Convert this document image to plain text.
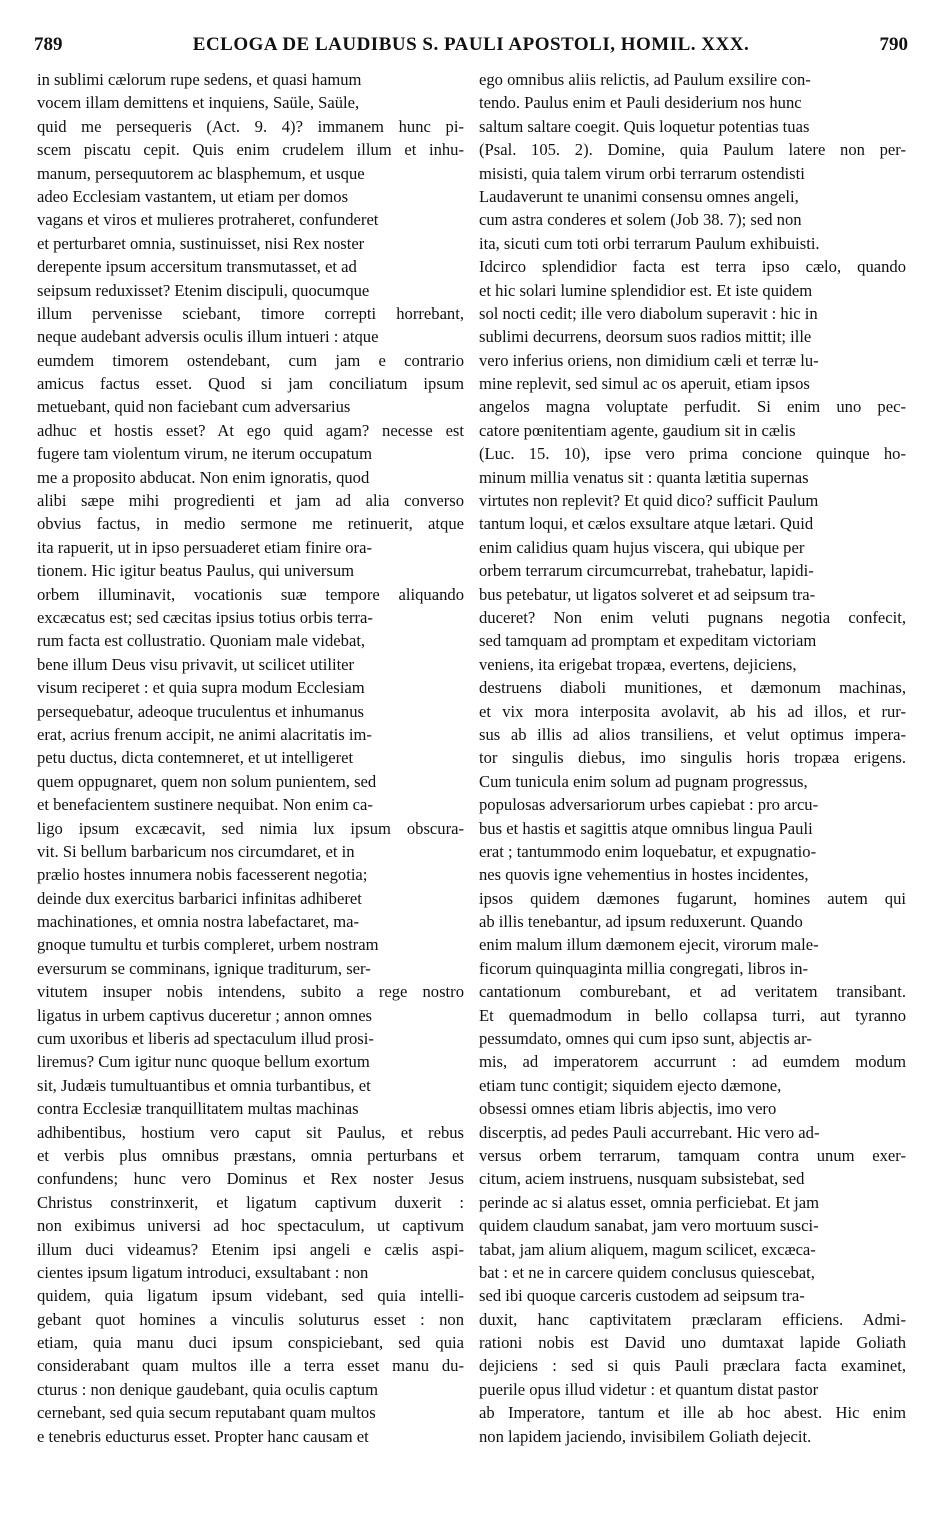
789	ECLOGA DE LAUDIBUS S. PAULI APOSTOLI, HOMIL. XXX.	790
in sublimi cælorum rupe sedens, et quasi hamum
vocem illam demittens et inquiens, Saüle, Saüle,
quid me persequeris (Act. 9. 4)? immanem hunc pi-
scem piscatu cepit. Quis enim crudelem illum et inhu-
manum, persequutorem ac blasphemum, et usque
adeo Ecclesiam vastantem, ut etiam per domos
vagans et viros et mulieres protraheret, confunderet
et perturbaret omnia, sustinuisset, nisi Rex noster
derepente ipsum accersitum transmutasset, et ad
seipsum reduxisset? Etenim discipuli, quocumque
illum pervenisse sciebant, timore correpti horrebant,
neque audebant adversis oculis illum intueri : atque
eumdem timorem ostendebant, cum jam e contrario
amicus factus esset. Quod si jam conciliatum ipsum
metuebant, quid non faciebant cum adversarius
adhuc et hostis esset? At ego quid agam? necesse est
fugere tam violentum virum, ne iterum occupatum
me a proposito abducat. Non enim ignoratis, quod
alibi sæpe mihi progredienti et jam ad alia converso
obvius factus, in medio sermone me retinuerit, atque
ita rapuerit, ut in ipso persuaderet etiam finire ora-
tionem. Hic igitur beatus Paulus, qui universum
orbem illuminavit, vocationis suæ tempore aliquando
excæcatus est; sed cæcitas ipsius totius orbis terra-
rum facta est collustratio. Quoniam male videbat,
bene illum Deus visu privavit, ut scilicet utiliter
visum reciperet : et quia supra modum Ecclesiam
persequebatur, adeoque truculentus et inhumanus
erat, acrius frenum accipit, ne animi alacritatis im-
petu ductus, dicta contemneret, et ut intelligeret
quem oppugnaret, quem non solum punientem, sed
et benefacientem sustinere nequibat. Non enim ca-
ligo ipsum excæcavit, sed nimia lux ipsum obscura-
vit. Si bellum barbaricum nos circumdaret, et in
prælio hostes innumera nobis facesserent negotia;
deinde dux exercitus barbarici infinitas adhiberet
machinationes, et omnia nostra labefactaret, ma-
gnoque tumultu et turbis compleret, urbem nostram
eversurum se comminans, ignique traditurum, ser-
vitutem insuper nobis intendens, subito a rege nostro
ligatus in urbem captivus duceretur ; annon omnes
cum uxoribus et liberis ad spectaculum illud prosi-
liremus? Cum igitur nunc quoque bellum exortum
sit, Judæis tumultuantibus et omnia turbantibus, et
contra Ecclesiæ tranquillitatem multas machinas
adhibentibus, hostium vero caput sit Paulus, et rebus
et verbis plus omnibus præstans, omnia perturbans et
confundens; hunc vero Dominus et Rex noster Jesus
Christus constrinxerit, et ligatum captivum duxerit :
non exibimus universi ad hoc spectaculum, ut captivum
illum duci videamus? Etenim ipsi angeli e cælis aspi-
cientes ipsum ligatum introduci, exsultabant : non
quidem, quia ligatum ipsum videbant, sed quia intelli-
gebant quot homines a vinculis soluturus esset : non
etiam, quia manu duci ipsum conspiciebant, sed quia
considerabant quam multos ille a terra esset manu du-
cturus : non denique gaudebant, quia oculis captum
cernebant, sed quia secum reputabant quam multos
e tenebris educturus esset. Propter hanc causam et
ego omnibus aliis relictis, ad Paulum exsilire con-
tendo. Paulus enim et Pauli desiderium nos hunc
saltum saltare coegit. Quis loquetur potentias tuas
(Psal. 105. 2). Domine, quia Paulum latere non per-
misisti, quia talem virum orbi terrarum ostendisti
Laudaverunt te unanimi consensu omnes angeli,
cum astra conderes et solem (Job 38. 7); sed non
ita, sicuti cum toti orbi terrarum Paulum exhibuisti.
Idcirco splendidior facta est terra ipso cælo, quando
et hic solari lumine splendidior est. Et iste quidem
sol nocti cedit; ille vero diabolum superavit : hic in
sublimi decurrens, deorsum suos radios mittit; ille
vero inferius oriens, non dimidium cæli et terræ lu-
mine replevit, sed simul ac os aperuit, etiam ipsos
angelos magna voluptate perfudit. Si enim uno pec-
catore pœnitentiam agente, gaudium sit in cælis
(Luc. 15. 10), ipse vero prima concione quinque ho-
minum millia venatus sit : quanta lætitia supernas
virtutes non replevit? Et quid dico? sufficit Paulum
tantum loqui, et cælos exsultare atque lætari. Quid
enim calidius quam hujus viscera, qui ubique per
orbem terrarum circumcurrebat, trahebatur, lapidi-
bus petebatur, ut ligatos solveret et ad seipsum tra-
duceret? Non enim veluti pugnans negotia confecit,
sed tamquam ad promptam et expeditam victoriam
veniens, ita erigebat tropæa, evertens, dejiciens,
destruens diaboli munitiones, et dæmonum machinas,
et vix mora interposita avolavit, ab his ad illos, et rur-
sus ab illis ad alios transiliens, et velut optimus impera-
tor singulis diebus, imo singulis horis tropæa erigens.
Cum tunicula enim solum ad pugnam progressus,
populosas adversariorum urbes capiebat : pro arcu-
bus et hastis et sagittis atque omnibus lingua Pauli
erat ; tantummodo enim loquebatur, et expugnatio-
nes quovis igne vehementius in hostes incidentes,
ipsos quidem dæmones fugarunt, homines autem qui
ab illis tenebantur, ad ipsum reduxerunt. Quando
enim malum illum dæmonem ejecit, virorum male-
ficorum quinquaginta millia congregati, libros in-
cantationum comburebant, et ad veritatem transibant.
Et quemadmodum in bello collapsa turri, aut tyranno
pessumdato, omnes qui cum ipso sunt, abjectis ar-
mis, ad imperatorem accurrunt : ad eumdem modum
etiam tunc contigit; siquidem ejecto dæmone,
obsessi omnes etiam libris abjectis, imo vero
discerptis, ad pedes Pauli accurrebant. Hic vero ad-
versus orbem terrarum, tamquam contra unum exer-
citum, aciem instruens, nusquam subsistebat, sed
perinde ac si alatus esset, omnia perficiebat. Et jam
quidem claudum sanabat, jam vero mortuum susci-
tabat, jam alium aliquem, magum scilicet, excæca-
bat : et ne in carcere quidem conclusus quiescebat,
sed ibi quoque carceris custodem ad seipsum tra-
duxit, hanc captivitatem præclaram efficiens. Admi-
rationi nobis est David uno dumtaxat lapide Goliath
dejiciens : sed si quis Pauli præclara facta examinet,
puerile opus illud videtur : et quantum distat pastor
ab Imperatore, tantum et ille ab hoc abest. Hic enim
non lapidem jaciendo, invisibilem Goliath dejecit.
